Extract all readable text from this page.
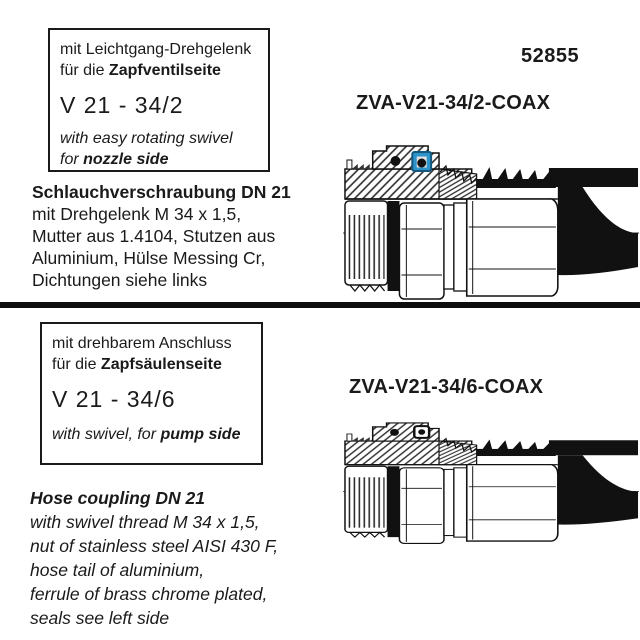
mit Leichtgang-Drehgelenk
für die Zapfventilseite
V 21 - 34/2
with easy rotating swivel
for nozzle side
52855
ZVA-V21-34/2-COAX
Schlauchverschraubung DN 21
mit Drehgelenk M 34 x 1,5,
Mutter aus 1.4104, Stutzen aus
Aluminium, Hülse Messing Cr,
Dichtungen siehe links
mit drehbarem Anschluss
für die Zapfsäulenseite
V 21 - 34/6
with swivel, for pump side
ZVA-V21-34/6-COAX
Hose coupling DN 21
with swivel thread M 34 x 1,5,
nut of stainless steel AISI 430 F,
hose tail of aluminium,
ferrule of brass chrome plated,
seals see left side
